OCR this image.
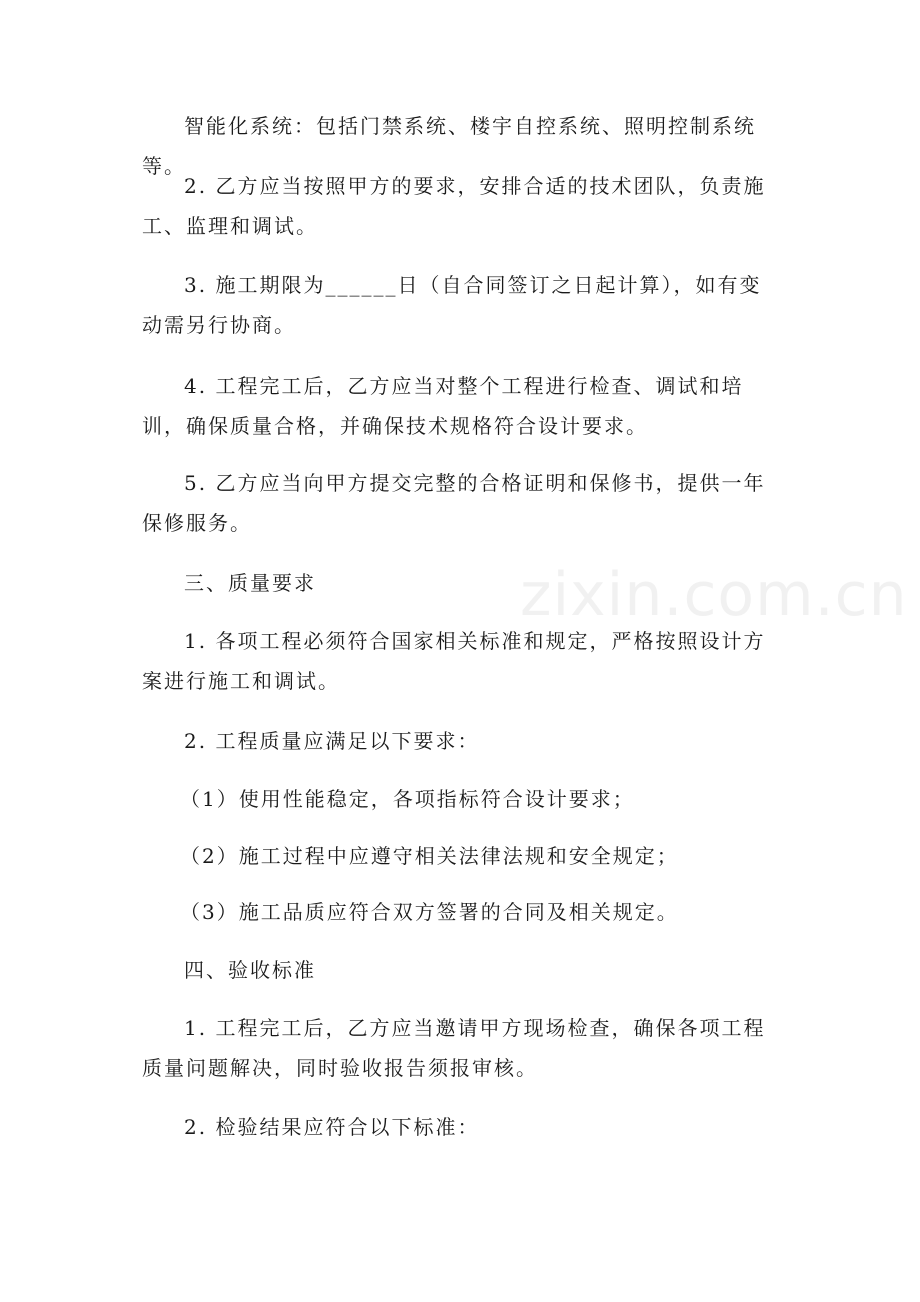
智能化系统：包括门禁系统、楼宇自控系统、照明控制系统等。

2. 乙方应当按照甲方的要求，安排合适的技术团队，负责施工、监理和调试。

3. 施工期限为______日（自合同签订之日起计算），如有变动需另行协商。

4. 工程完工后，乙方应当对整个工程进行检查、调试和培训，确保质量合格，并确保技术规格符合设计要求。

5. 乙方应当向甲方提交完整的合格证明和保修书，提供一年保修服务。

三、质量要求

1. 各项工程必须符合国家相关标准和规定，严格按照设计方案进行施工和调试。

2. 工程质量应满足以下要求：

（1）使用性能稳定，各项指标符合设计要求；

（2）施工过程中应遵守相关法律法规和安全规定；

（3）施工品质应符合双方签署的合同及相关规定。

四、验收标准

1. 工程完工后，乙方应当邀请甲方现场检查，确保各项工程质量问题解决，同时验收报告须报审核。

2. 检验结果应符合以下标准：

zixin.com.cn
